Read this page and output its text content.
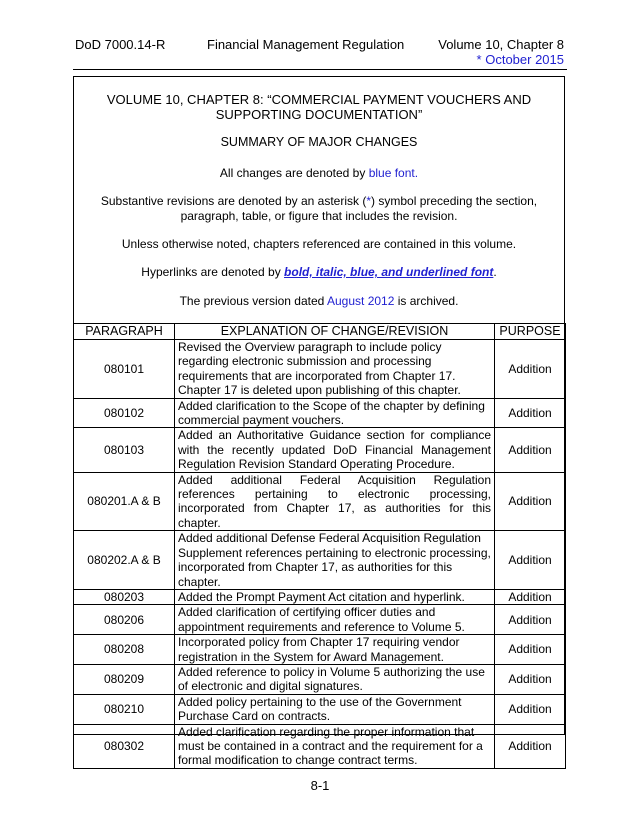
DoD 7000.14-R	Financial Management Regulation	Volume 10, Chapter 8
* October 2015
VOLUME 10, CHAPTER 8: “COMMERCIAL PAYMENT VOUCHERS AND SUPPORTING DOCUMENTATION”
SUMMARY OF MAJOR CHANGES
All changes are denoted by blue font.
Substantive revisions are denoted by an asterisk (*) symbol preceding the section, paragraph, table, or figure that includes the revision.
Unless otherwise noted, chapters referenced are contained in this volume.
Hyperlinks are denoted by bold, italic, blue, and underlined font.
The previous version dated August 2012 is archived.
PARAGRAPH	EXPLANATION OF CHANGE/REVISION	PURPOSE
080101	Revised the Overview paragraph to include policy regarding electronic submission and processing requirements that are incorporated from Chapter 17. Chapter 17 is deleted upon publishing of this chapter.	Addition
080102	Added clarification to the Scope of the chapter by defining commercial payment vouchers.	Addition
080103	Added an Authoritative Guidance section for compliance with the recently updated DoD Financial Management Regulation Revision Standard Operating Procedure.	Addition
080201.A & B	Added additional Federal Acquisition Regulation references pertaining to electronic processing, incorporated from Chapter 17, as authorities for this chapter.	Addition
080202.A & B	Added additional Defense Federal Acquisition Regulation Supplement references pertaining to electronic processing, incorporated from Chapter 17, as authorities for this chapter.	Addition
080203	Added the Prompt Payment Act citation and hyperlink.	Addition
080206	Added clarification of certifying officer duties and appointment requirements and reference to Volume 5.	Addition
080208	Incorporated policy from Chapter 17 requiring vendor registration in the System for Award Management.	Addition
080209	Added reference to policy in Volume 5 authorizing the use of electronic and digital signatures.	Addition
080210	Added policy pertaining to the use of the Government Purchase Card on contracts.	Addition
080302	Added clarification regarding the proper information that must be contained in a contract and the requirement for a formal modification to change contract terms.	Addition
8-1
